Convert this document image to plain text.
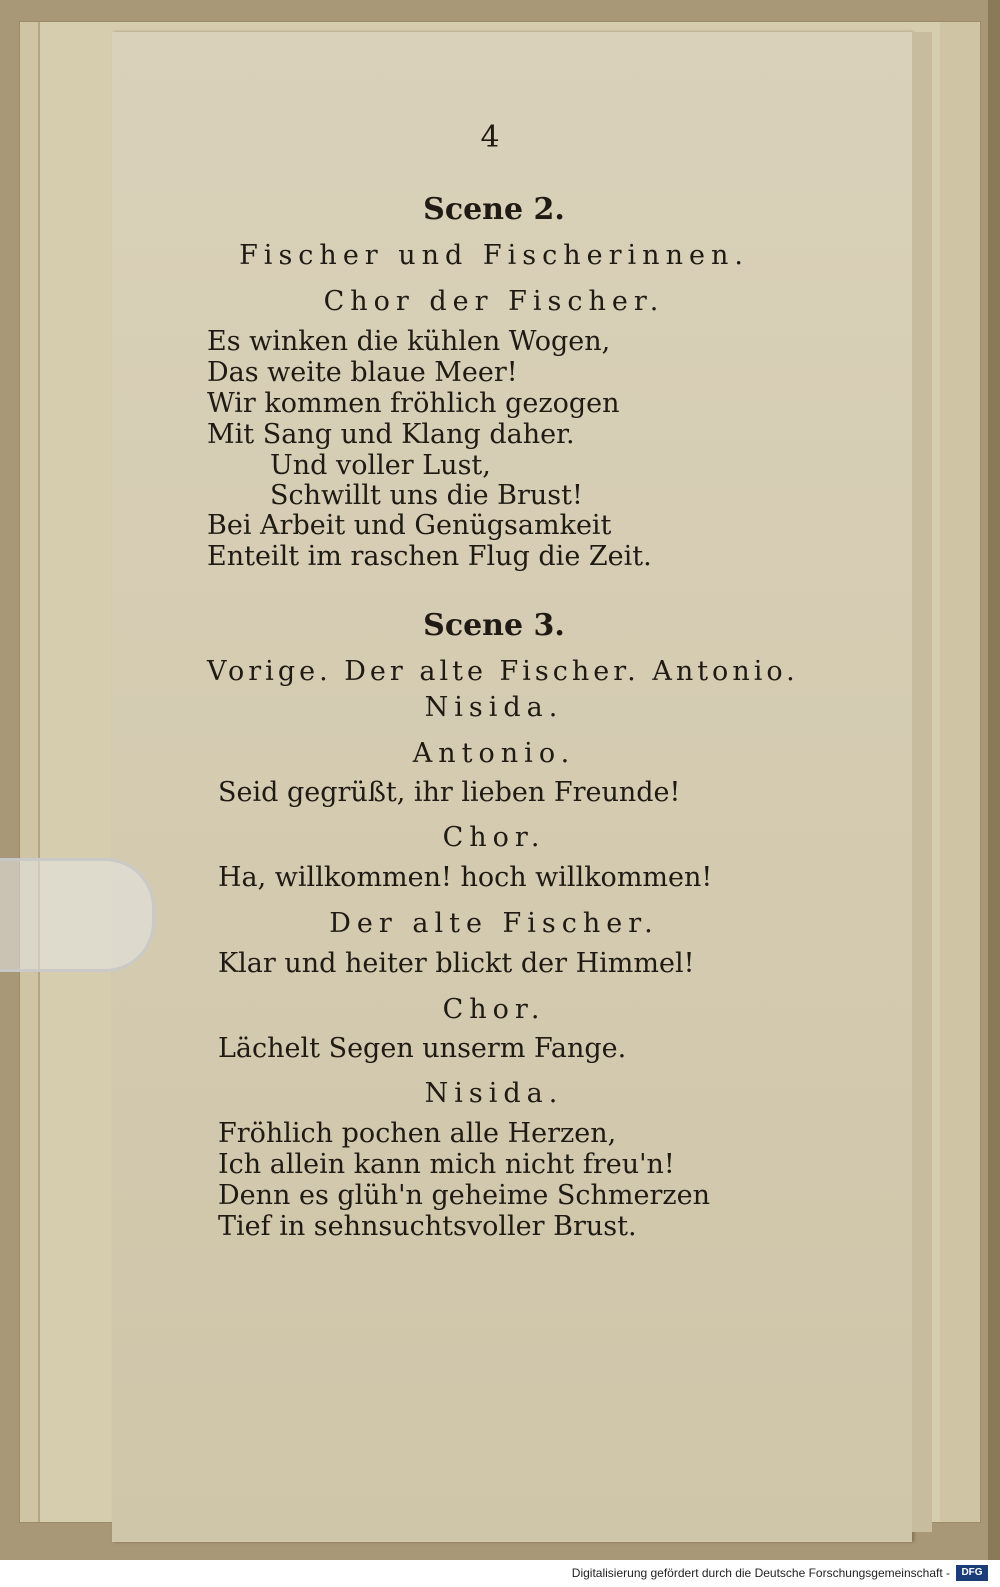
4
Scene 2.
Fischer und Fischerinnen.
Chor der Fischer.
Es winken die kühlen Wogen,
Das weite blaue Meer!
Wir kommen fröhlich gezogen
Mit Sang und Klang daher.
Und voller Lust,
Schwillt uns die Brust!
Bei Arbeit und Genügsamkeit
Enteilt im raschen Flug die Zeit.
Scene 3.
Vorige. Der alte Fischer. Antonio.
Nisida.
Antonio.
Seid gegrüßt, ihr lieben Freunde!
Chor.
Ha, willkommen! hoch willkommen!
Der alte Fischer.
Klar und heiter blickt der Himmel!
Chor.
Lächelt Segen unserm Fange.
Nisida.
Fröhlich pochen alle Herzen,
Ich allein kann mich nicht freu'n!
Denn es glüh'n geheime Schmerzen
Tief in sehnsuchtsvoller Brust.
Digitalisierung gefördert durch die Deutsche Forschungsgemeinschaft -	DFG
